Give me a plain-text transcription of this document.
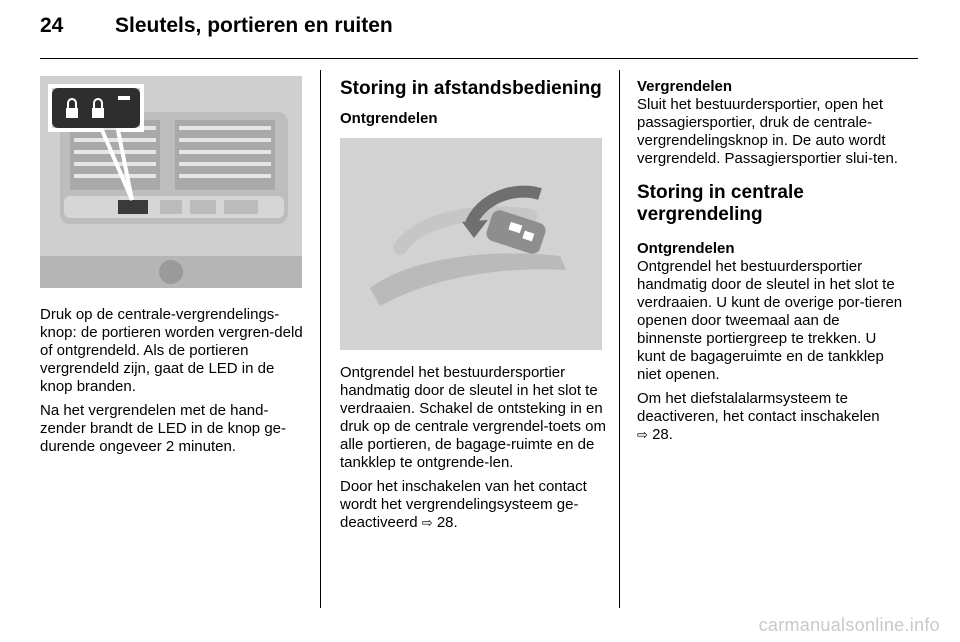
24 Sleutels, portieren en ruiten

Druk op de centrale-vergrendelings-knop: de portieren worden vergren-deld of ontgrendeld. Als de portieren vergrendeld zijn, gaat de LED in de knop branden.

Na het vergrendelen met de hand-zender brandt de LED in de knop ge-durende ongeveer 2 minuten.

Storing in afstandsbediening
Ontgrendelen

Ontgrendel het bestuurdersportier handmatig door de sleutel in het slot te verdraaien. Schakel de ontsteking in en druk op de centrale vergrendel-toets om alle portieren, de bagage-ruimte en de tankklep te ontgrende-len.

Door het inschakelen van het contact wordt het vergrendelingsysteem ge-deactiveerd ⇨ 28.

Vergrendelen

Sluit het bestuurdersportier, open het passagiersportier, druk de centrale-vergrendelingsknop in. De auto wordt vergrendeld. Passagiersportier slui-ten.

Storing in centrale vergrendeling
Ontgrendelen

Ontgrendel het bestuurdersportier handmatig door de sleutel in het slot te verdraaien. U kunt de overige por-tieren openen door tweemaal aan de binnenste portiergreep te trekken. U kunt de bagageruimte en de tankklep niet openen.

Om het diefstalalarmsysteem te deactiveren, het contact inschakelen
⇨ 28.

carmanualsonline.info
